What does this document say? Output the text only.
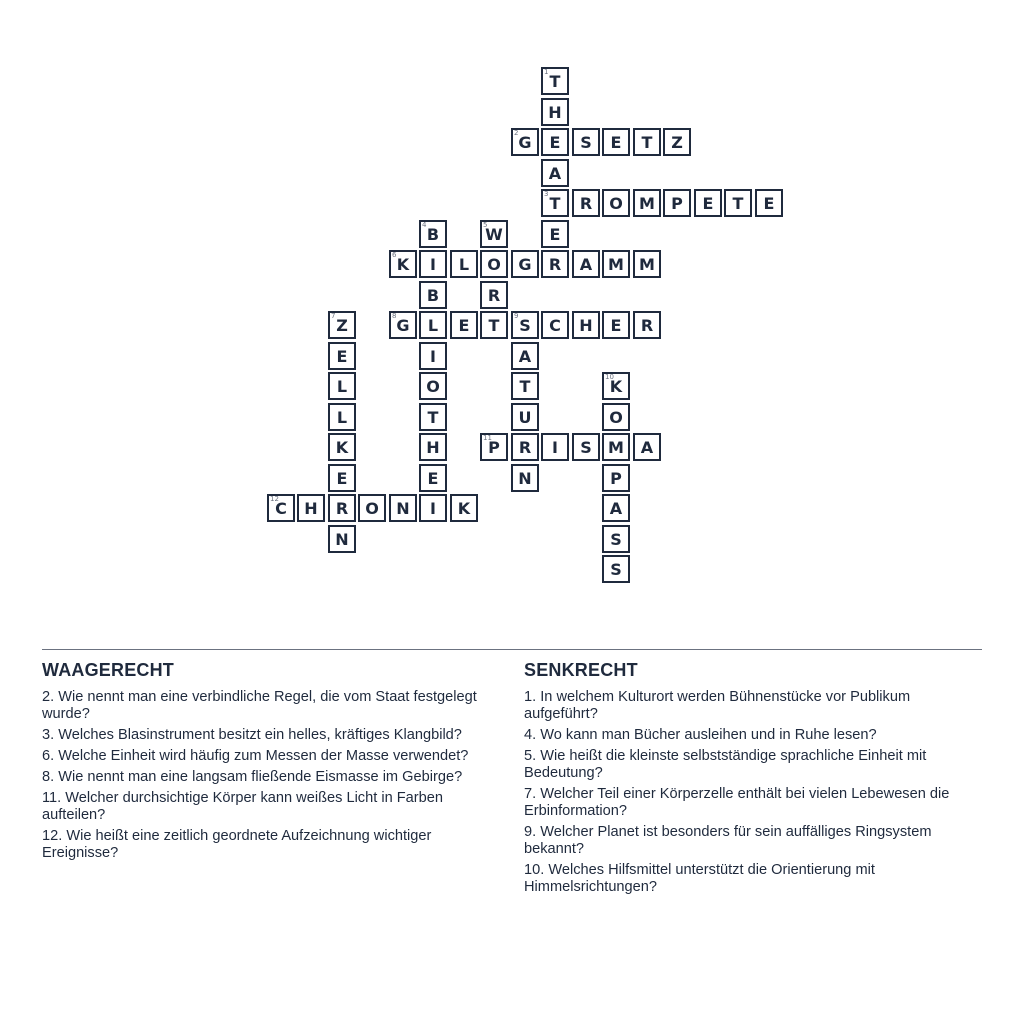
1 T
H
2 G	E	S	E	T	Z
A
3 T	R	O	M	P	E	T	E
4 B	5
W	E
6 K	I	L	O	G	R	A M M
B	R
7 Z	8 G	L	E	T	9 S	C	H	E	R
E	I	A
L	O	T	10
K
L	T	U	O
K	H	11
P	R	I	S	M	A
E	E	N	P
12
C	H	R	O	N	I	K	A
N	S
S
WAAGERECHT
2. Wie nennt man eine verbindliche Regel, die vom Staat festgelegt wurde?
3. Welches Blasinstrument besitzt ein helles, kräftiges Klangbild?
6. Welche Einheit wird häufig zum Messen der Masse verwendet?
8. Wie nennt man eine langsam fließende Eismasse im Gebirge?
11. Welcher durchsichtige Körper kann weißes Licht in Farben aufteilen?
12. Wie heißt eine zeitlich geordnete Aufzeichnung wichtiger Ereignisse?
SENKRECHT
1. In welchem Kulturort werden Bühnenstücke vor Publikum aufgeführt?
4. Wo kann man Bücher ausleihen und in Ruhe lesen?
5. Wie heißt die kleinste selbstständige sprachliche Einheit mit Bedeutung?
7. Welcher Teil einer Körperzelle enthält bei vielen Lebewesen die Erbinformation?
9. Welcher Planet ist besonders für sein auffälliges Ringsystem bekannt?
10. Welches Hilfsmittel unterstützt die Orientierung mit Himmelsrichtungen?
